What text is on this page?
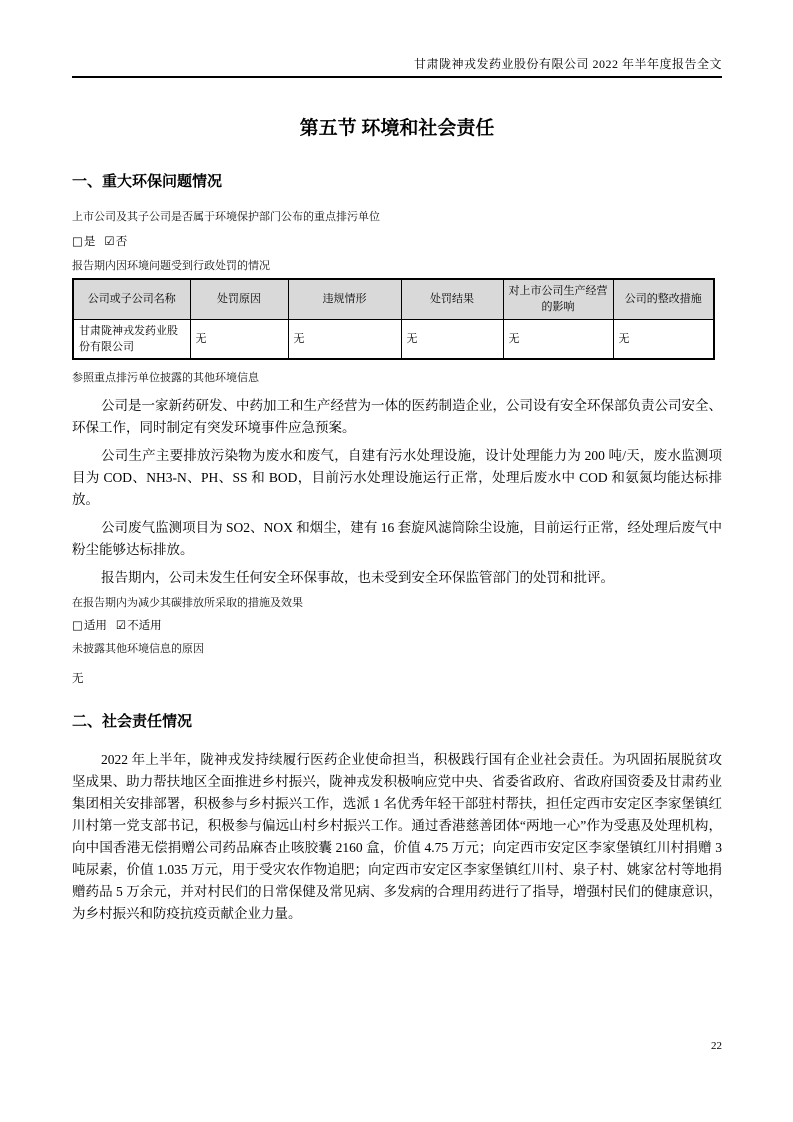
甘肃陇神戎发药业股份有限公司 2022 年半年度报告全文
第五节 环境和社会责任
一、重大环保问题情况
上市公司及其子公司是否属于环境保护部门公布的重点排污单位
□是 ☑否
报告期内因环境问题受到行政处罚的情况
公司或子公司名称	处罚原因	违规情形	处罚结果	对上市公司生产经营的影响	公司的整改措施
甘肃陇神戎发药业股份有限公司	无	无	无	无	无
参照重点排污单位披露的其他环境信息
公司是一家新药研发、中药加工和生产经营为一体的医药制造企业，公司设有安全环保部负责公司安全、环保工作，同时制定有突发环境事件应急预案。
公司生产主要排放污染物为废水和废气，自建有污水处理设施，设计处理能力为 200 吨/天，废水监测项目为 COD、NH3-N、PH、SS 和 BOD，目前污水处理设施运行正常，处理后废水中 COD 和氨氮均能达标排放。
公司废气监测项目为 SO2、NOX 和烟尘，建有 16 套旋风滤筒除尘设施，目前运行正常，经处理后废气中粉尘能够达标排放。
报告期内，公司未发生任何安全环保事故，也未受到安全环保监管部门的处罚和批评。
在报告期内为减少其碳排放所采取的措施及效果
□适用 ☑不适用
未披露其他环境信息的原因
无
二、社会责任情况
2022 年上半年，陇神戎发持续履行医药企业使命担当，积极践行国有企业社会责任。为巩固拓展脱贫攻坚成果、助力帮扶地区全面推进乡村振兴，陇神戎发积极响应党中央、省委省政府、省政府国资委及甘肃药业集团相关安排部署，积极参与乡村振兴工作，选派 1 名优秀年轻干部驻村帮扶，担任定西市安定区李家堡镇红川村第一党支部书记，积极参与偏远山村乡村振兴工作。通过香港慈善团体“两地一心”作为受惠及处理机构，向中国香港无偿捐赠公司药品麻杏止咳胶囊 2160 盒，价值 4.75 万元；向定西市安定区李家堡镇红川村捐赠 3 吨尿素，价值 1.035 万元，用于受灾农作物追肥；向定西市安定区李家堡镇红川村、泉子村、姚家岔村等地捐赠药品 5 万余元，并对村民们的日常保健及常见病、多发病的合理用药进行了指导，增强村民们的健康意识，为乡村振兴和防疫抗疫贡献企业力量。
22
